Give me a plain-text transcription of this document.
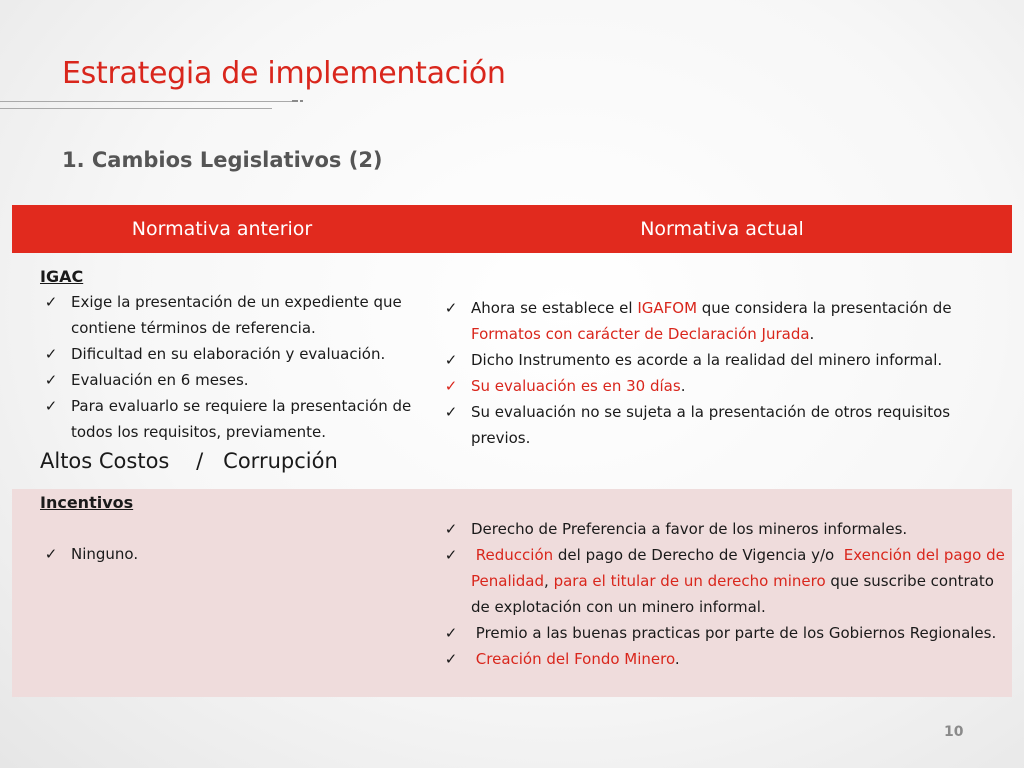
Estrategia de implementación
1. Cambios Legislativos (2)
Normativa anterior	Normativa actual
IGAC
✓ Exige la presentación de un expediente que contiene términos de referencia.
✓ Dificultad en su elaboración y evaluación.
✓ Evaluación en 6 meses.
✓ Para evaluarlo se requiere la presentación de todos los requisitos, previamente.
Altos Costos    /   Corrupción
✓ Ahora se establece el IGAFOM que considera la presentación de Formatos con carácter de Declaración Jurada.
✓ Dicho Instrumento es acorde a la realidad del minero informal.
✓ Su evaluación es en 30 días.
✓ Su evaluación no se sujeta a la presentación de otros requisitos previos.
Incentivos
✓ Ninguno.
✓ Derecho de Preferencia a favor de los mineros informales.
✓ Reducción del pago de Derecho de Vigencia y/o  Exención del pago de Penalidad, para el titular de un derecho minero que suscribe contrato de explotación con un minero informal.
✓ Premio a las buenas practicas por parte de los Gobiernos Regionales.
✓ Creación del Fondo Minero.
10
